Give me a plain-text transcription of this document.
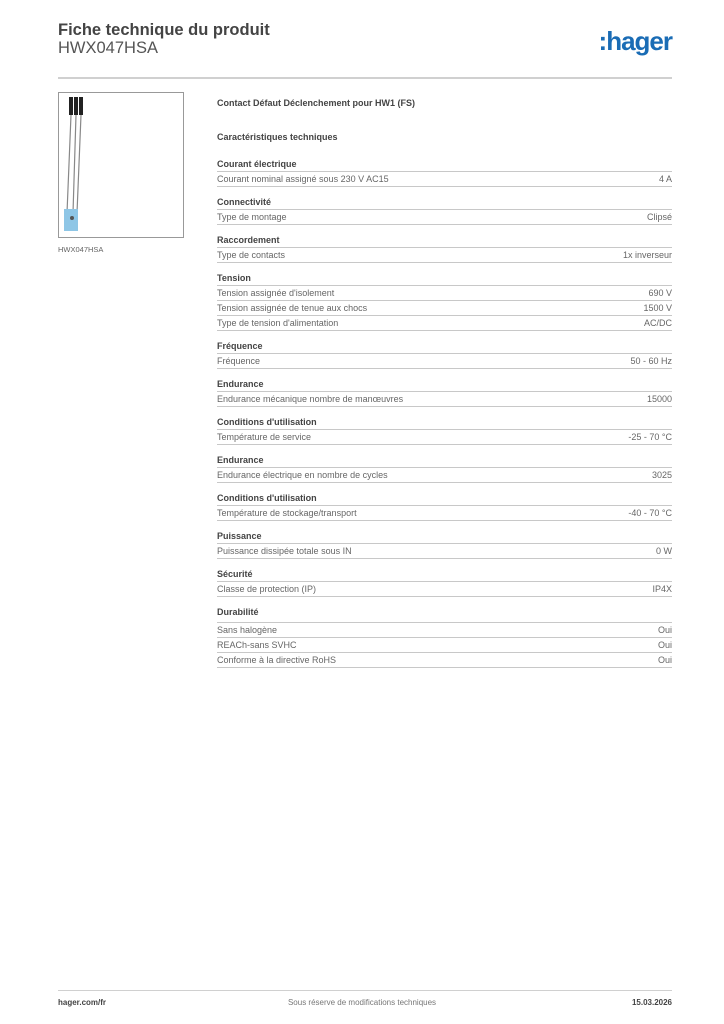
Fiche technique du produit
HWX047HSA	:hager
HWX047HSA
Contact Défaut Déclenchement pour HW1 (FS)
Caractéristiques techniques
Courant électrique
Courant nominal assigné sous 230 V AC15	4 A
Connectivité
Type de montage	Clipsé
Raccordement
Type de contacts	1x inverseur
Tension
Tension assignée d'isolement	690 V
Tension assignée de tenue aux chocs	1500 V
Type de tension d'alimentation	AC/DC
Fréquence
Fréquence	50 - 60 Hz
Endurance
Endurance mécanique nombre de manœuvres	15000
Conditions d'utilisation
Température de service	-25 - 70 °C
Endurance
Endurance électrique en nombre de cycles	3025
Conditions d'utilisation
Température de stockage/transport	-40 - 70 °C
Puissance
Puissance dissipée totale sous IN	0 W
Sécurité
Classe de protection (IP)	IP4X
Durabilité
Sans halogène	Oui
REACh-sans SVHC	Oui
Conforme à la directive RoHS	Oui
hager.com/fr	Sous réserve de modifications techniques	15.03.2026
